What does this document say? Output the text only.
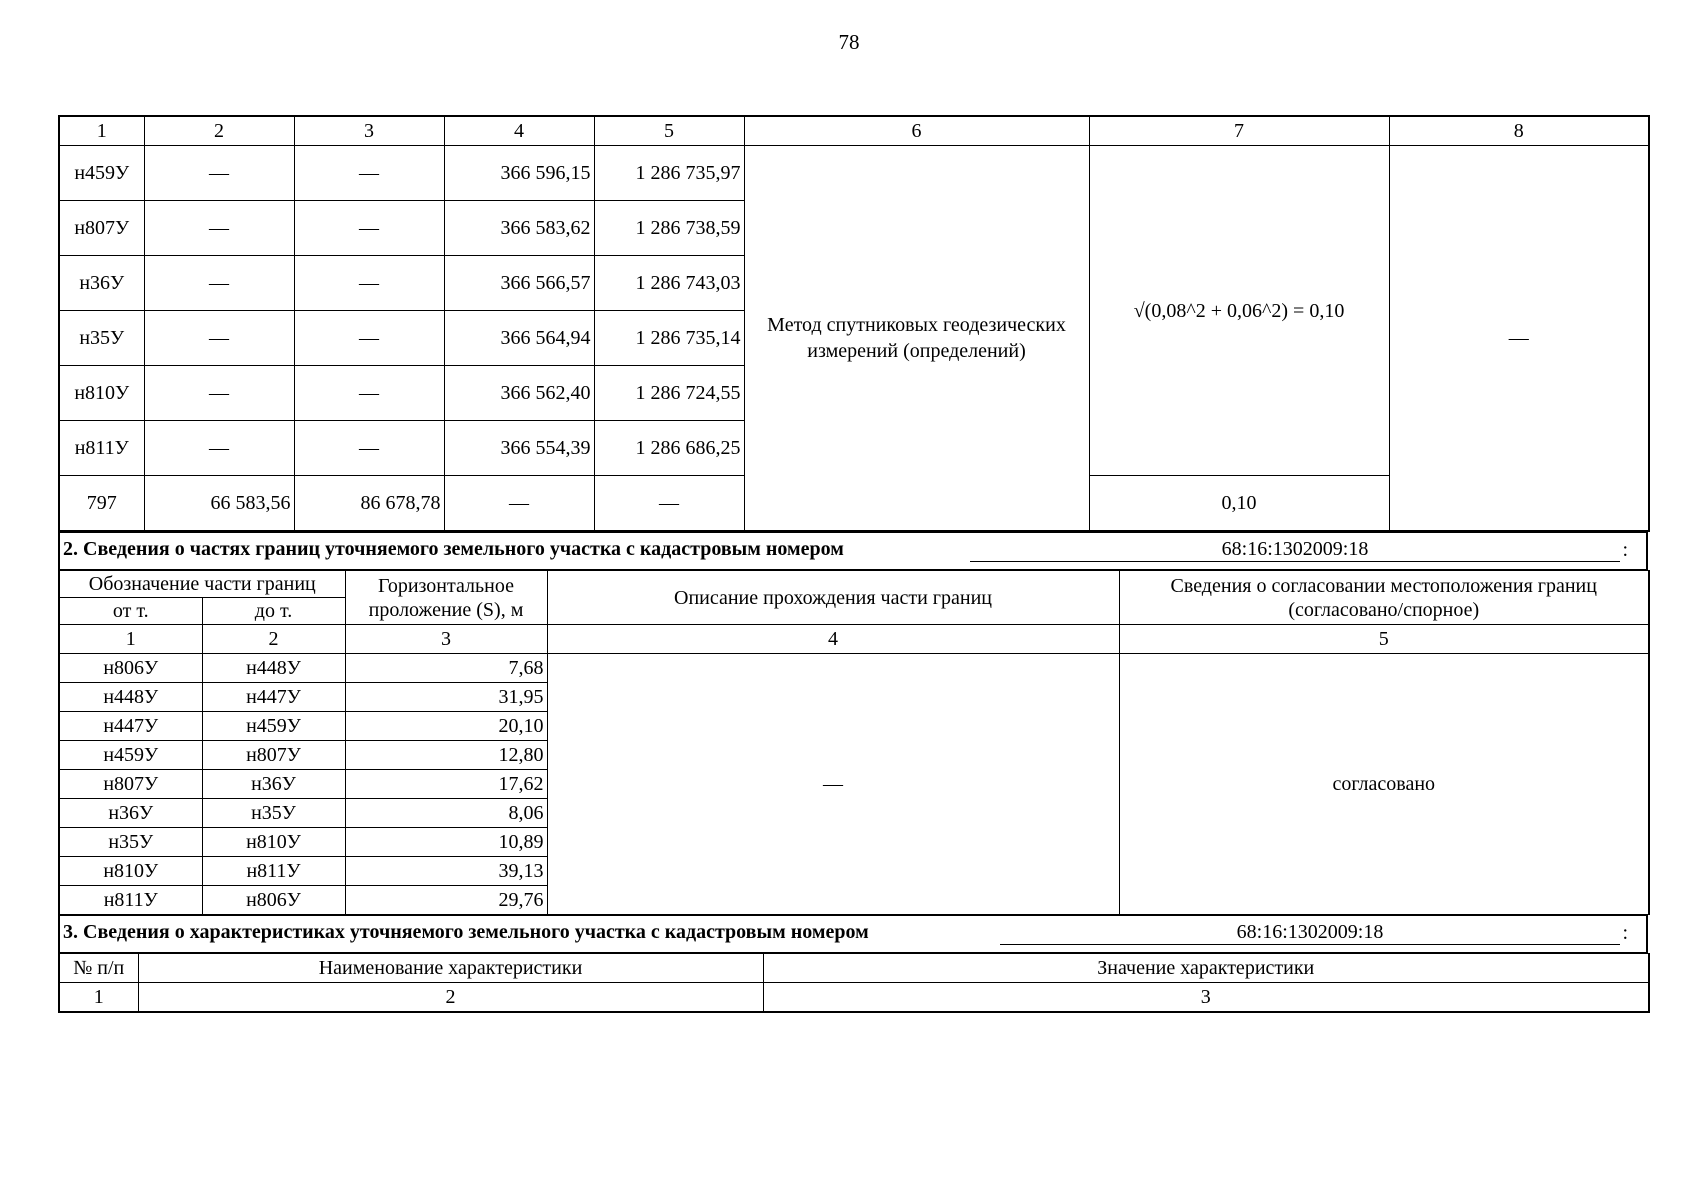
78
1	2	3	4	5	6	7	8
н459У	—	—	366 596,15	1 286 735,97	Метод спутниковых геодезических измерений (определений)	√(0,08^2 + 0,06^2) = 0,10	—
н807У	—	—	366 583,62	1 286 738,59			
н36У	—	—	366 566,57	1 286 743,03			
н35У	—	—	366 564,94	1 286 735,14			
н810У	—	—	366 562,40	1 286 724,55			
н811У	—	—	366 554,39	1 286 686,25			
797	66 583,56	86 678,78	—	—		0,10	
2. Сведения о частях границ уточняемого земельного участка с кадастровым номером	68:16:1302009:18	:
Обозначение части границ		Горизонтальное проложение (S), м	Описание прохождения части границ	Сведения о согласовании местоположения границ (согласовано/спорное)
от т.	до т.			
1	2	3	4	5
н806У	н448У	7,68	—	согласовано
н448У	н447У	31,95		
н447У	н459У	20,10		
н459У	н807У	12,80		
н807У	н36У	17,62		
н36У	н35У	8,06		
н35У	н810У	10,89		
н810У	н811У	39,13		
н811У	н806У	29,76		
3. Сведения о характеристиках уточняемого земельного участка с кадастровым номером	68:16:1302009:18	:
№ п/п	Наименование характеристики	Значение характеристики
1	2	3
